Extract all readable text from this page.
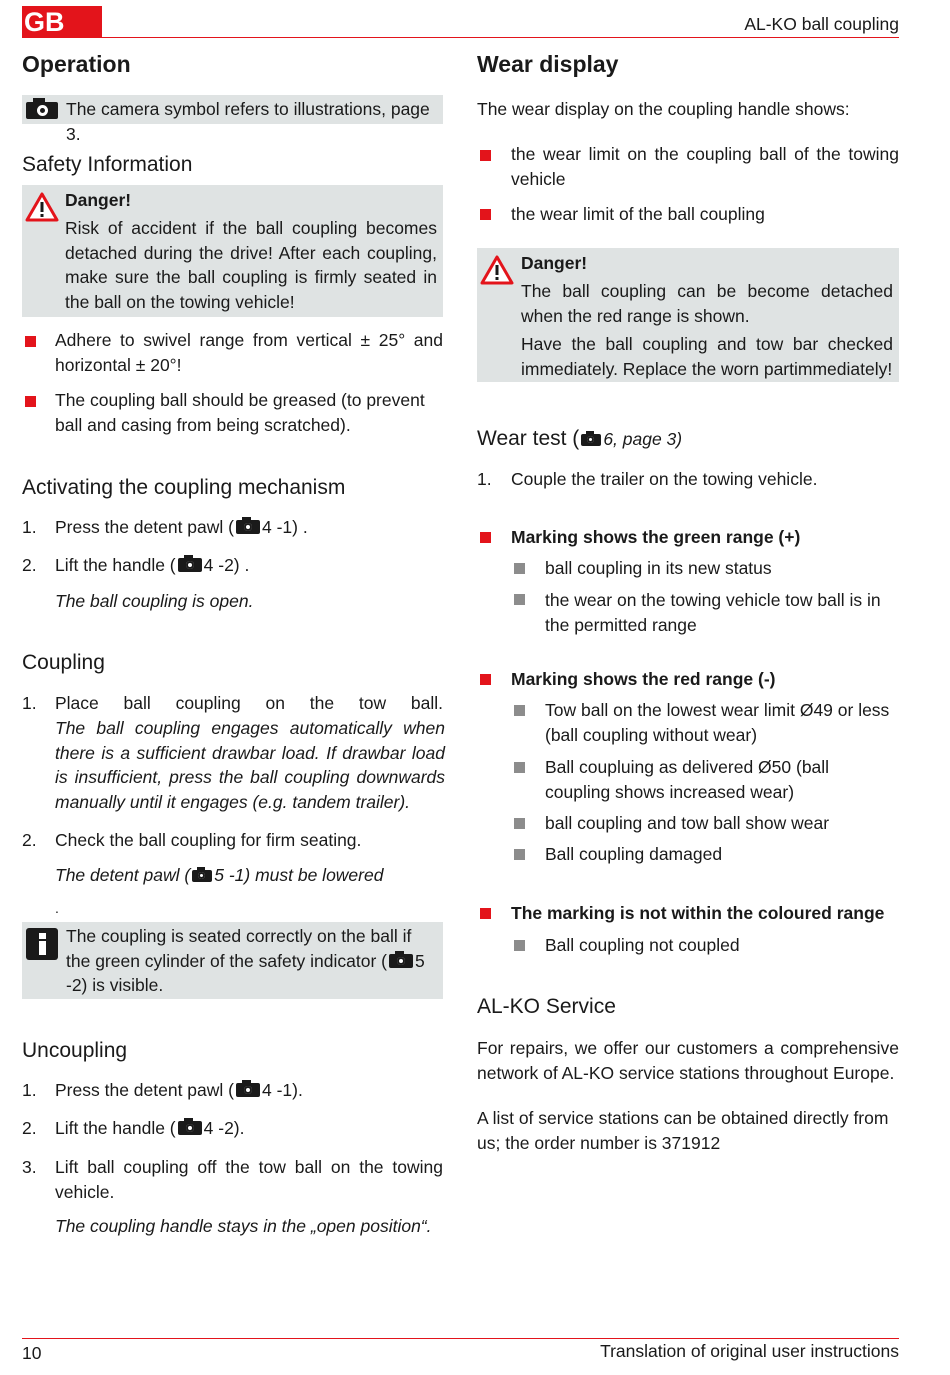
GB	AL-KO ball coupling
Operation
The camera symbol refers to illustrations, page 3.
Safety Information
Danger!
Risk of accident if the ball coupling becomes detached during the drive! After each coupling, make sure the ball coupling is firmly seated in the ball on the towing vehicle!
Adhere to swivel range from vertical ± 25° and horizontal ± 20°!
The coupling ball should be greased (to prevent ball and casing from being scratched).
Activating the coupling mechanism
1. Press the detent pawl ( 4 -1) .
2. Lift the handle ( 4 -2) .
The ball coupling is open.
Coupling
1. Place ball coupling on the tow ball.
The ball coupling engages automatically when there is a sufficient drawbar load. If drawbar load is insufficient, press the ball coupling downwards manually until it engages (e.g. tandem trailer).
2. Check the ball coupling for firm seating.
The detent pawl ( 5 -1) must be lowered
.
The coupling is seated correctly on the ball if the green cylinder of the safety indicator ( 5 -2) is visible.
Uncoupling
1. Press the detent pawl ( 4 -1).
2. Lift the handle ( 4 -2).
3. Lift ball coupling off the tow ball on the towing vehicle.
The coupling handle stays in the „open position“.
Wear display
The wear display on the coupling handle shows:
the wear limit on the coupling ball of the towing vehicle
the wear limit of the ball coupling
Danger!
The ball coupling can be become detached when the red range is shown.
Have the ball coupling and tow bar checked immediately. Replace the worn partimmediately!
Wear test ( 6, page 3)
1. Couple the trailer on the towing vehicle.
Marking shows the green range (+)
ball coupling in its new status
the wear on the towing vehicle tow ball is in the permitted range
Marking shows the red range (-)
Tow ball on the lowest wear limit Ø49 or less (ball coupling without wear)
Ball coupluing as delivered Ø50 (ball coupling shows increased wear)
ball coupling and tow ball show wear
Ball coupling damaged
The marking is not within the coloured range
Ball coupling not coupled
AL-KO Service
For repairs, we offer our customers a comprehensive network of AL-KO service stations throughout Europe.
A list of service stations can be obtained directly from us; the order number is 371912
10	Translation of original user instructions
